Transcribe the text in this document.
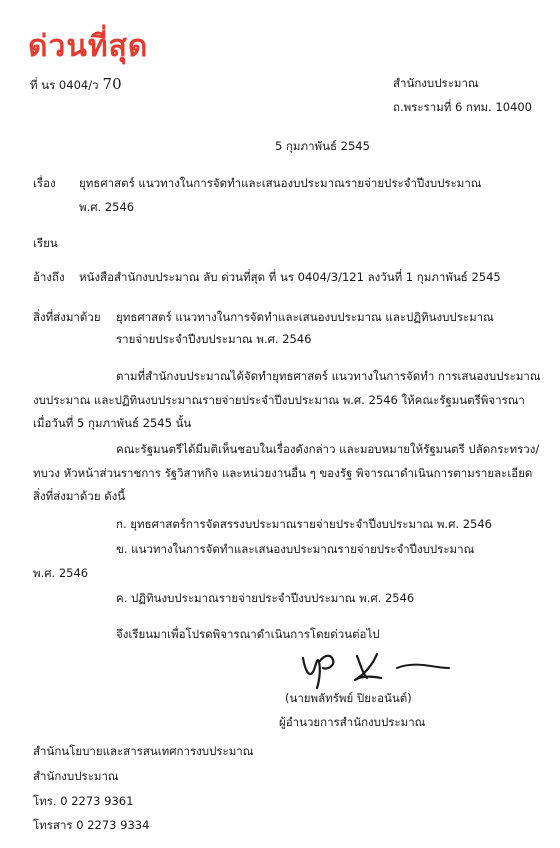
ด่วนที่สุด
ที่ นร 0404/ว 70	สำนักงบประมาณ
ถ.พระรามที่ 6 กทม. 10400
5 กุมภาพันธ์ 2545
เรื่อง ยุทธศาสตร์ แนวทางในการจัดทำและเสนองบประมาณรายจ่ายประจำปีงบประมาณ
พ.ศ. 2546
เรียน
อ้างถึง หนังสือสำนักงบประมาณ ลับ ด่วนที่สุด ที่ นร 0404/3/121 ลงวันที่ 1 กุมภาพันธ์ 2545
สิ่งที่ส่งมาด้วย ยุทธศาสตร์ แนวทางในการจัดทำและเสนองบประมาณ และปฏิทินงบประมาณ
รายจ่ายประจำปีงบประมาณ พ.ศ. 2546
ตามที่สำนักงบประมาณได้จัดทำยุทธศาสตร์ แนวทางในการจัดทำ การเสนองบประมาณ
งบประมาณ และปฏิทินงบประมาณรายจ่ายประจำปีงบประมาณ พ.ศ. 2546 ให้คณะรัฐมนตรีพิจารณา
เมื่อวันที่ 5 กุมภาพันธ์ 2545 นั้น
คณะรัฐมนตรีได้มีมติเห็นชอบในเรื่องดังกล่าว และมอบหมายให้รัฐมนตรี ปลัดกระทรวง/
ทบวง หัวหน้าส่วนราชการ รัฐวิสาหกิจ และหน่วยงานอื่น ๆ ของรัฐ พิจารณาดำเนินการตามรายละเอียด
สิ่งที่ส่งมาด้วย ดังนี้
ก. ยุทธศาสตร์การจัดสรรงบประมาณรายจ่ายประจำปีงบประมาณ พ.ศ. 2546
ข. แนวทางในการจัดทำและเสนองบประมาณรายจ่ายประจำปีงบประมาณ
พ.ศ. 2546
ค. ปฏิทินงบประมาณรายจ่ายประจำปีงบประมาณ พ.ศ. 2546
จึงเรียนมาเพื่อโปรดพิจารณาดำเนินการโดยด่วนต่อไป
(นายพลัทรัพย์ ปิยะอนันต์)
ผู้อำนวยการสำนักงบประมาณ
สำนักนโยบายและสารสนเทศการงบประมาณ
สำนักงบประมาณ
โทร. 0 2273 9361
โทรสาร 0 2273 9334
